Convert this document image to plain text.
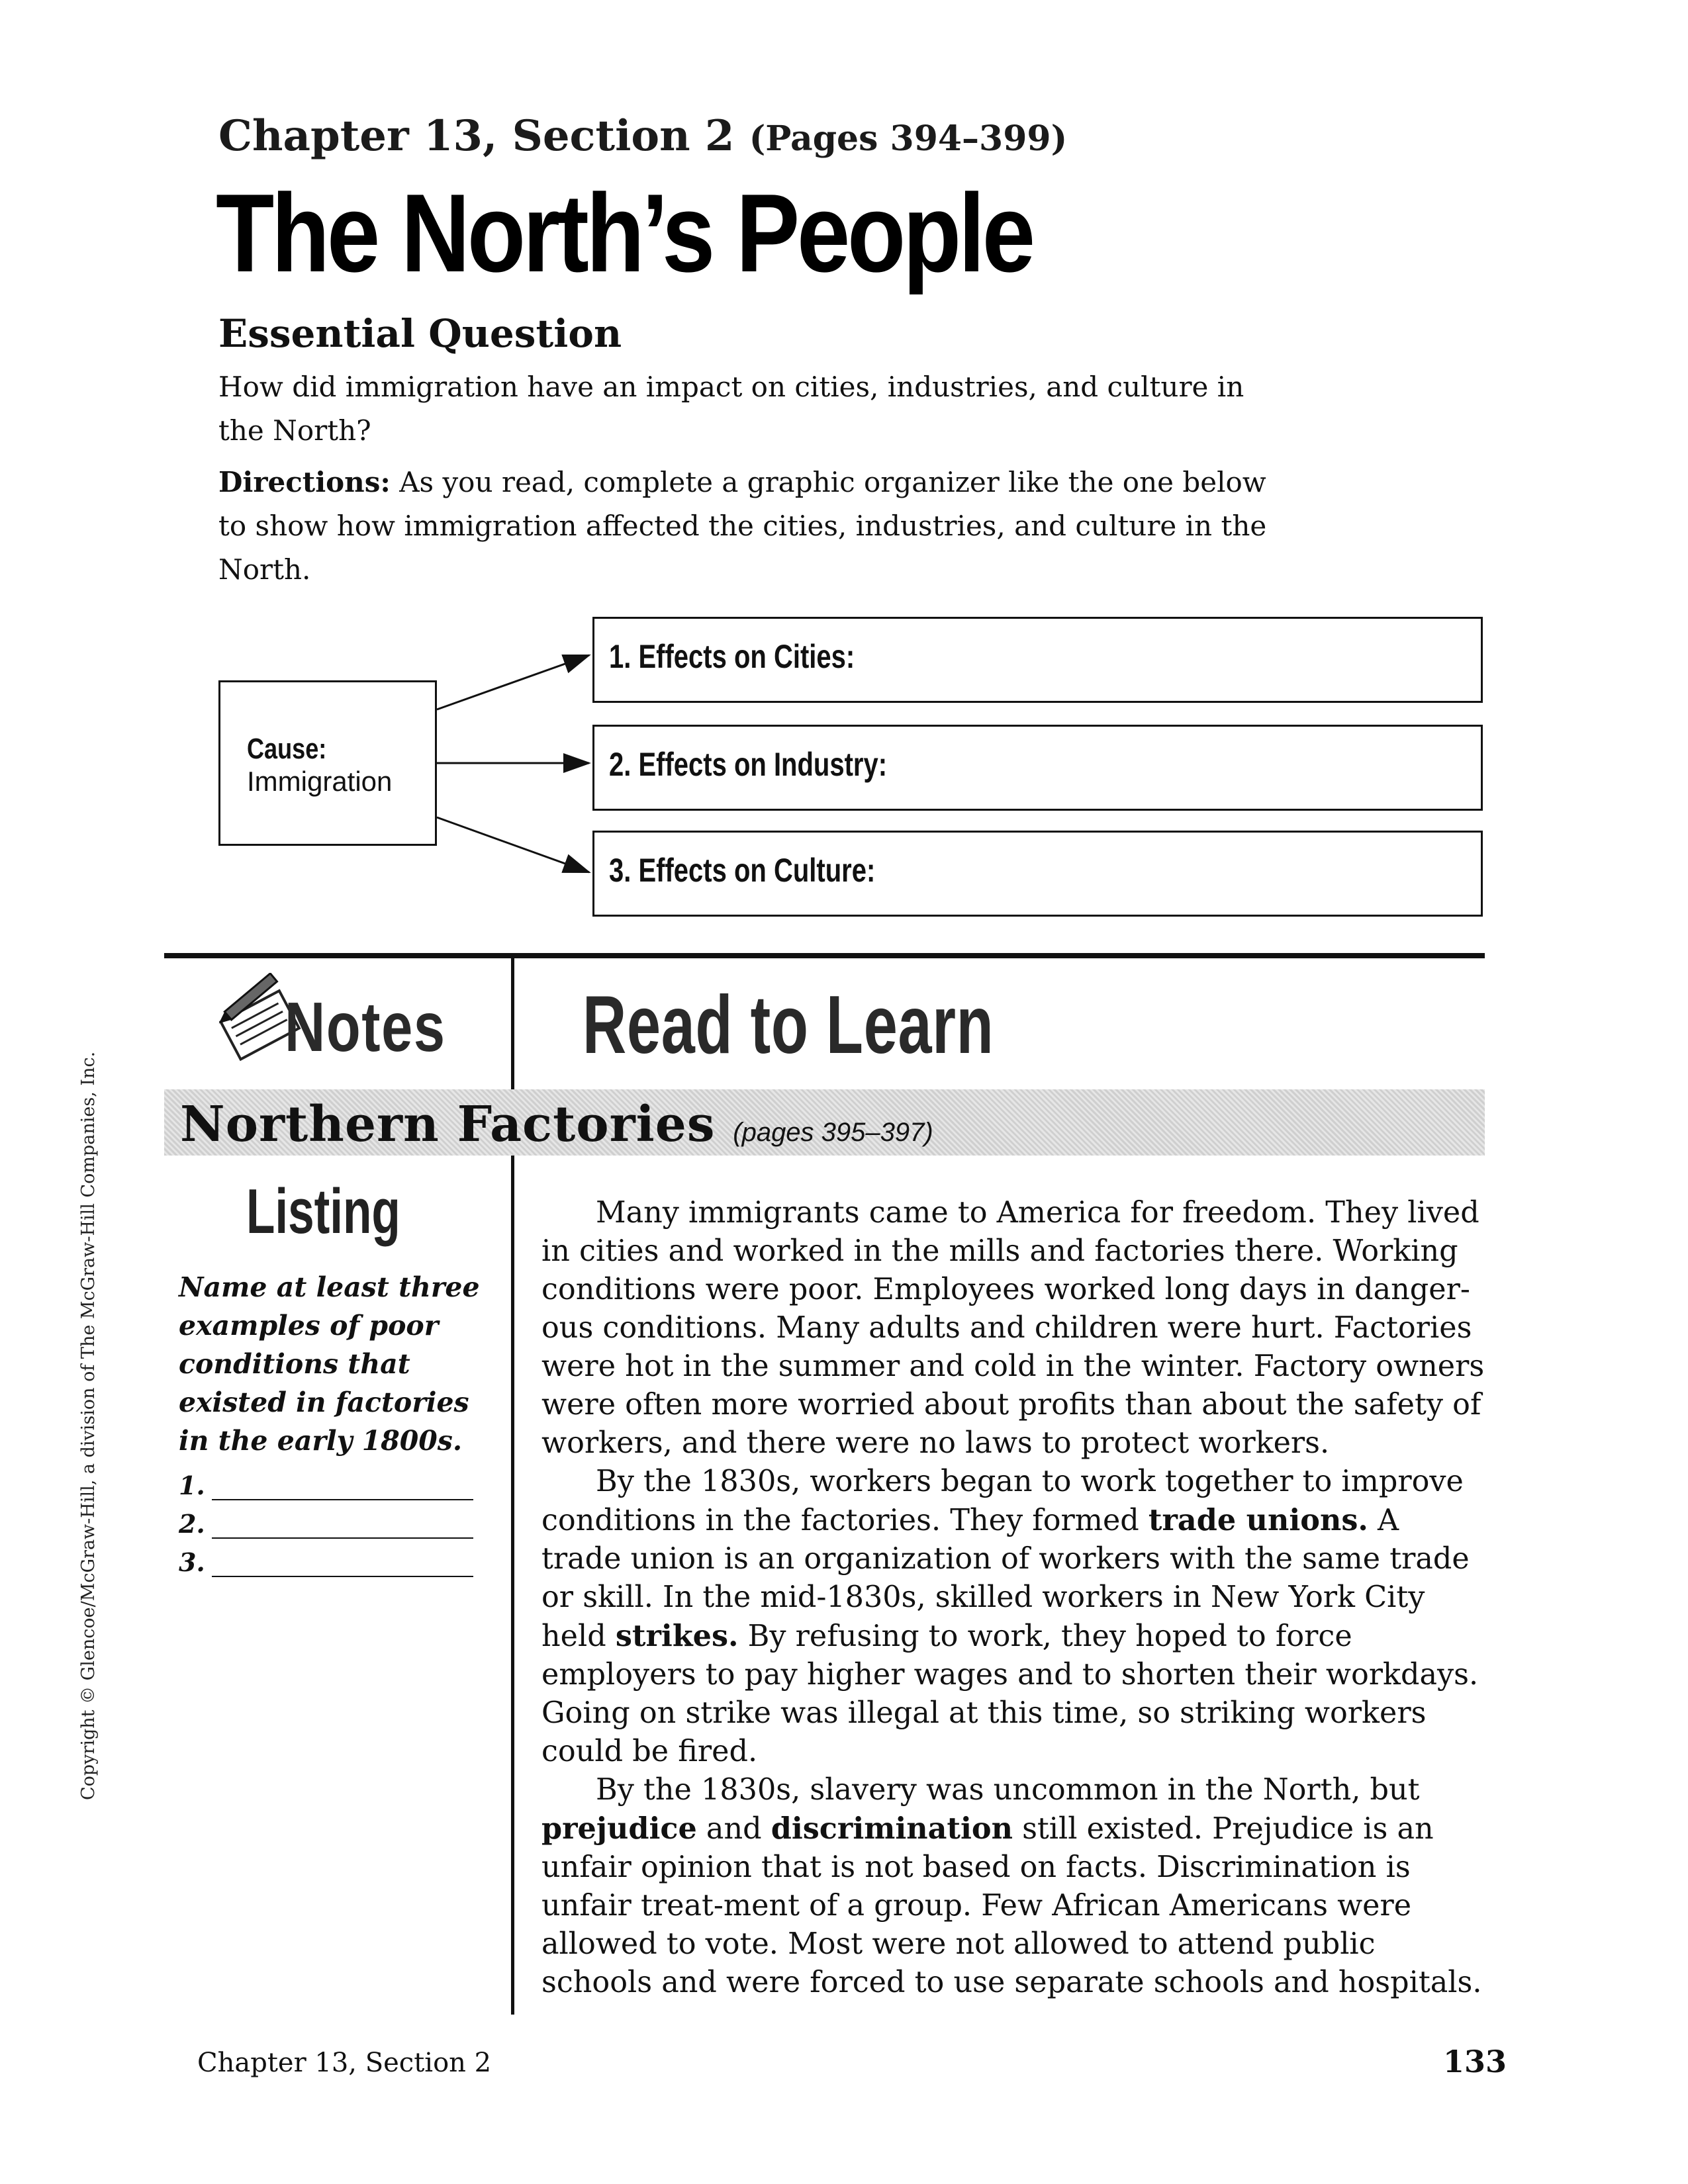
Chapter 13, Section 2 (Pages 394–399)
The North’s People
Essential Question
How did immigration have an impact on cities, industries, and culture in the North?
Directions: As you read, complete a graphic organizer like the one below to show how immigration affected the cities, industries, and culture in the North.
Cause:
Immigration
1. Effects on Cities:
2. Effects on Industry:
3. Effects on Culture:
Notes Read to Learn
Northern Factories (pages 395–397)
Listing
Name at least three examples of poor conditions that existed in factories in the early 1800s.
1.
2.
3.

Many immigrants came to America for freedom. They lived in cities and worked in the mills and factories there. Working conditions were poor. Employees worked long days in danger-ous conditions. Many adults and children were hurt. Factories were hot in the summer and cold in the winter. Factory owners were often more worried about profits than about the safety of workers, and there were no laws to protect workers.

By the 1830s, workers began to work together to improve conditions in the factories. They formed trade unions. A trade union is an organization of workers with the same trade or skill. In the mid-1830s, skilled workers in New York City held strikes. By refusing to work, they hoped to force employers to pay higher wages and to shorten their workdays. Going on strike was illegal at this time, so striking workers could be fired.

By the 1830s, slavery was uncommon in the North, but prejudice and discrimination still existed. Prejudice is an unfair opinion that is not based on facts. Discrimination is unfair treat-ment of a group. Few African Americans were allowed to vote. Most were not allowed to attend public schools and were forced to use separate schools and hospitals.

Chapter 13, Section 2	133
Copyright © Glencoe/McGraw-Hill, a division of The McGraw-Hill Companies, Inc.
